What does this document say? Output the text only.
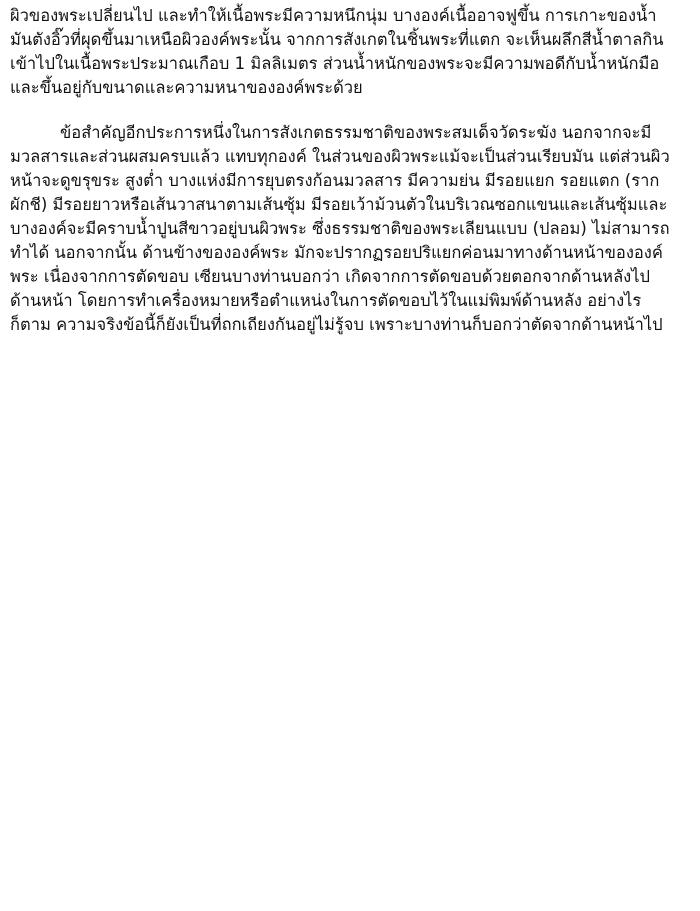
ผิวของพระเปลี่ยนไป และทำให้เนื้อพระมีความหนึกนุ่ม บางองค์เนื้ออาจฟูขึ้น การเกาะของน้ำ
มันตังอิ๊วที่ผุดขึ้นมาเหนือผิวองค์พระนั้น จากการสังเกตในชิ้นพระที่แตก จะเห็นผลึกสีน้ำตาลกิน
เข้าไปในเนื้อพระประมาณเกือบ 1 มิลลิเมตร ส่วนน้ำหนักของพระจะมีความพอดีกับน้ำหนักมือ
และขึ้นอยู่กับขนาดและความหนาขององค์พระด้วย
ข้อสำคัญอีกประการหนึ่งในการสังเกตธรรมชาติของพระสมเด็จวัดระฆัง นอกจากจะมี
มวลสารและส่วนผสมครบแล้ว แทบทุกองค์ ในส่วนของผิวพระแม้จะเป็นส่วนเรียบมัน แต่ส่วนผิว
หน้าจะดูขรุขระ สูงต่ำ บางแห่งมีการยุบตรงก้อนมวลสาร มีความย่น มีรอยแยก รอยแตก (ราก
ผักชี) มีรอยยาวหรือเส้นวาสนาตามเส้นซุ้ม มีรอยเว้าม้วนตัวในบริเวณซอกแขนและเส้นซุ้มและ
บางองค์จะมีคราบน้ำปูนสีขาวอยู่บนผิวพระ ซึ่งธรรมชาติของพระเลียนแบบ (ปลอม) ไม่สามารถ
ทำได้ นอกจากนั้น ด้านข้างขององค์พระ มักจะปรากฏรอยปริแยกค่อนมาทางด้านหน้าขององค์
พระ เนื่องจากการตัดขอบ เซียนบางท่านบอกว่า เกิดจากการตัดขอบด้วยตอกจากด้านหลังไป
ด้านหน้า โดยการทำเครื่องหมายหรือตำแหน่งในการตัดขอบไว้ในแม่พิมพ์ด้านหลัง อย่างไร
ก็ตาม ความจริงข้อนี้ก็ยังเป็นที่ถกเถียงกันอยู่ไม่รู้จบ เพราะบางท่านก็บอกว่าตัดจากด้านหน้าไป
